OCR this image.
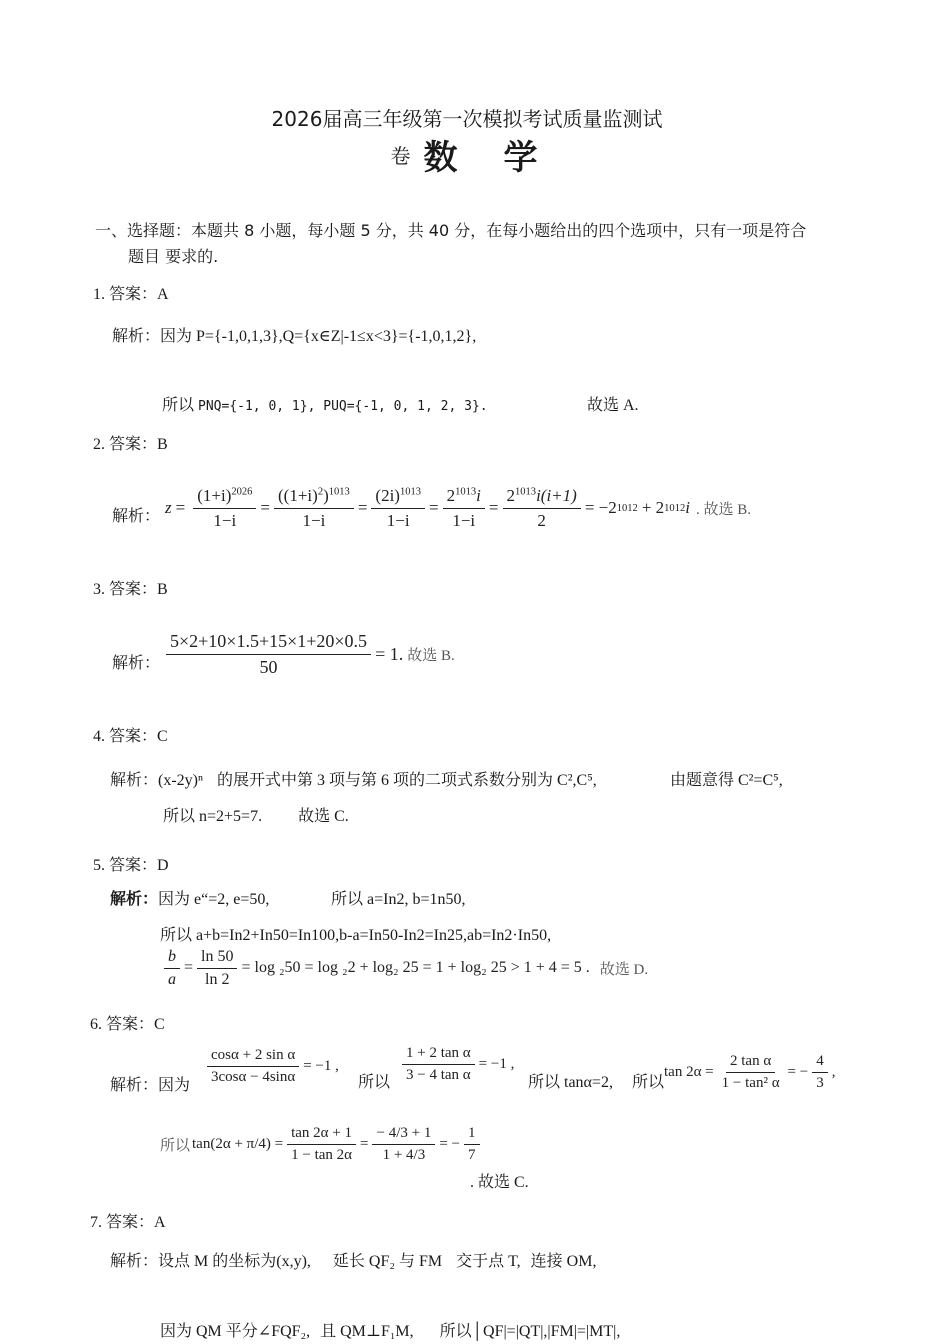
2026届高三年级第一次模拟考试质量监测试
卷 数　学
一、选择题：本题共 8 小题，每小题 5 分，共 40 分，在每小题给出的四个选项中，只有一项是符合
题目 要求的.
1. 答案：A
解析：因为 P={-1,0,1,3},Q={x∈Z|-1≤x<3}={-1,0,1,2},
所以 PNQ={-1, 0, 1}, PUQ={-1, 0, 1, 2, 3}.	故选 A.
2. 答案：B
解析： $z = \frac{(1+i)^{2026}}{1-i} = \frac{((1+i)^2)^{1013}}{1-i} = \frac{(2i)^{1013}}{1-i} = \frac{2^{1013}i}{1-i} = \frac{2^{1013}i(i+1)}{2} = -2$ 1012 + 2 1012 i . 故选 B.
3. 答案：B
解析： $\frac{5\times 2+10\times 1.5+15\times 1+20\times 0.5}{50} = 1$. 故选 B.
4. 答案：C
解析：(x-2y)ⁿ 的展开式中第 3 项与第 6 项的二项式系数分别为 C²,C⁵,	由题意得 C²=C⁵,
所以 n=2+5=7. 故选 C.
5. 答案：D
解析：因为 e“=2, e=50,	所以 a=In2, b=1n50,
所以 a+b=In2+In50=In100,b-a=In50-In2=In25,ab=In2·In50,
$\frac{b}{a} = \frac{\ln 50}{\ln 2} = \log _250 = \log _22 + \log_2$ 25 = 1 + log₂ 25 > 1 + 4 = 5 . 故选 D.
6. 答案：C
解析：因为 $\frac{\text{cosα + 2 sin α}}{3\cos\alpha - 4\sin\alpha} = -1$ ,
所以 $\frac{\text{1 + 2 tan α}}{\text{3 − 4 tan α}} = -1$ ,
所以 tanα=2, 所以
$\tan 2\alpha = \frac{\text{2 tan α}}{\text{1 − tan² α}}$ = − $\frac{4}{3}$ ,
所以 $\tan(2\alpha + \pi/4) = \frac{\tan 2\alpha + 1}{1 - \tan 2\alpha} = \frac{- 4/3 + 1}{1 + 4/3}$ = − $\frac{1}{7}$
. 故选 C.
7. 答案：A
解析：设点 M 的坐标为(x,y), 延长 QF₂ 与 FM 交于点 T, 连接 OM,
因为 QM 平分∠FQF₂, 且 QM⊥F₁M, 所以│QF|=|QT|,|FM|=|MT|,
